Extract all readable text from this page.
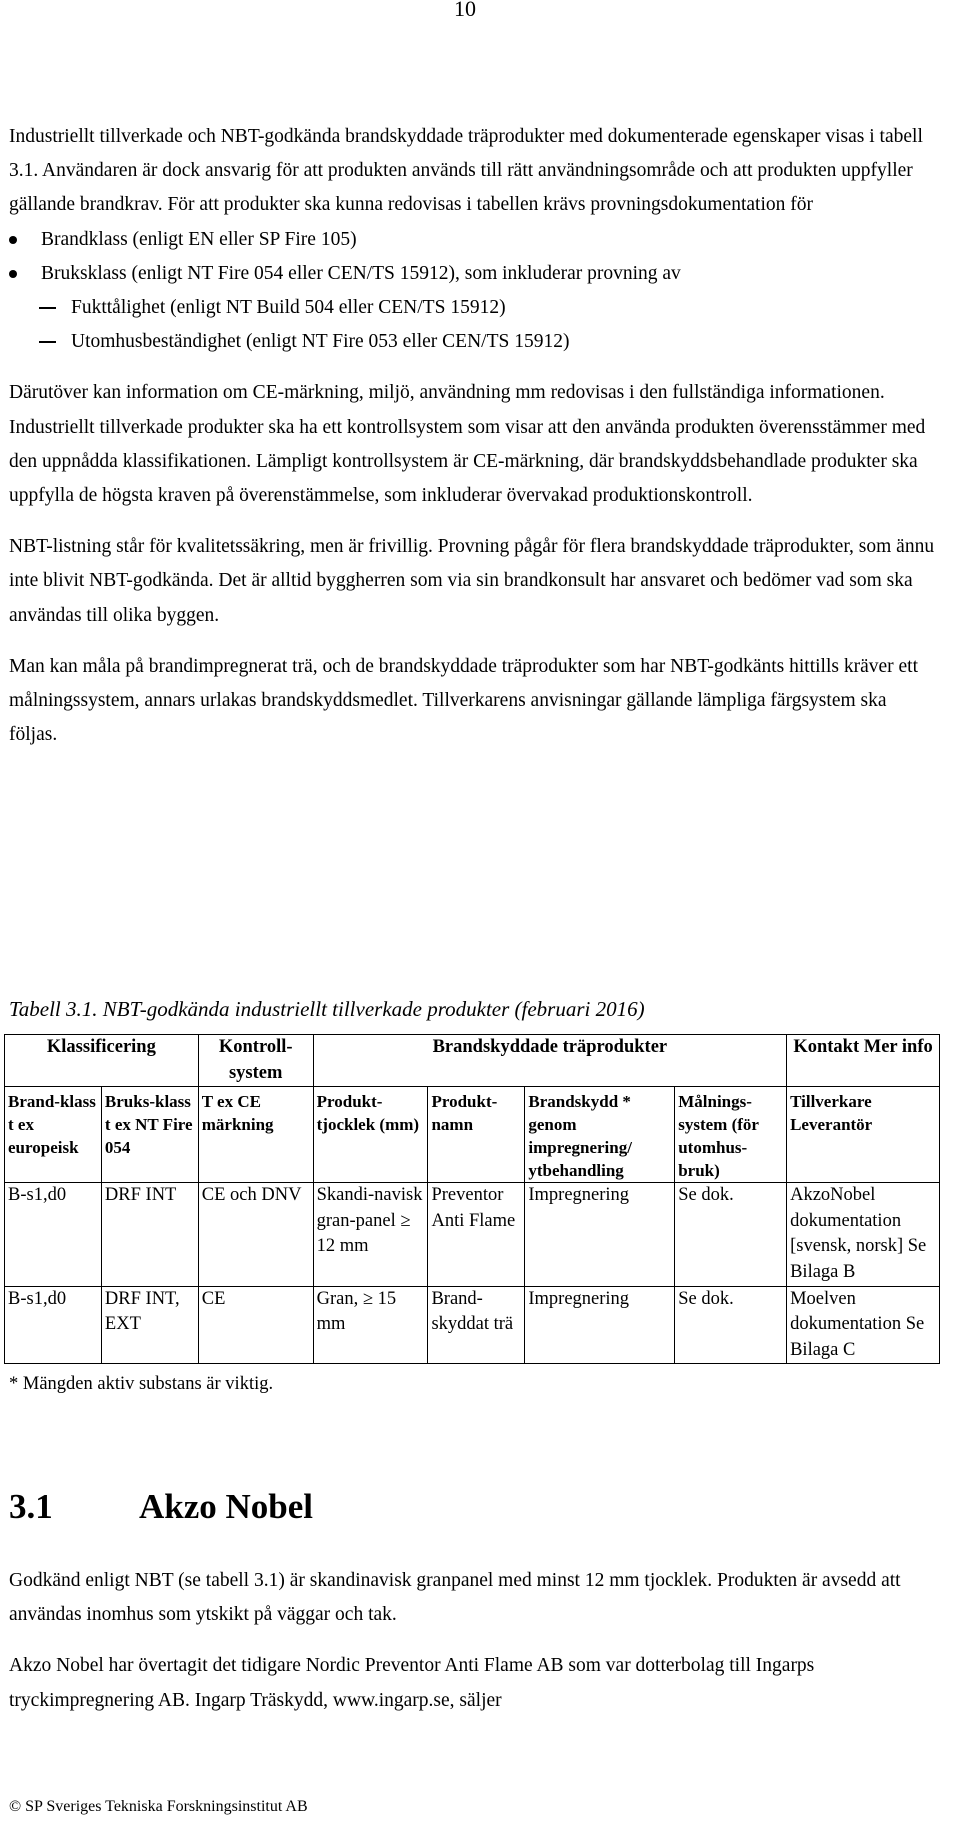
10

Industriellt tillverkade och NBT-godkända brandskyddade träprodukter med dokumenterade egenskaper visas i tabell 3.1. Användaren är dock ansvarig för att produkten används till rätt användningsområde och att produkten uppfyller gällande brandkrav. För att produkter ska kunna redovisas i tabellen krävs provningsdokumentation för

Brandklass (enligt EN eller SP Fire 105)
Bruksklass (enligt NT Fire 054 eller CEN/TS 15912), som inkluderar provning av
Fukttålighet (enligt NT Build 504 eller CEN/TS 15912)
Utomhusbeständighet (enligt NT Fire 053 eller CEN/TS 15912)

Därutöver kan information om CE-märkning, miljö, användning mm redovisas i den fullständiga informationen. Industriellt tillverkade produkter ska ha ett kontrollsystem som visar att den använda produkten överensstämmer med den uppnådda klassifikationen. Lämpligt kontrollsystem är CE-märkning, där brandskyddsbehandlade produkter ska uppfylla de högsta kraven på överenstämmelse, som inkluderar övervakad produktionskontroll.

NBT-listning står för kvalitetssäkring, men är frivillig. Provning pågår för flera brandskyddade träprodukter, som ännu inte blivit NBT-godkända. Det är alltid byggherren som via sin brandkonsult har ansvaret och bedömer vad som ska användas till olika byggen.

Man kan måla på brandimpregnerat trä, och de brandskyddade träprodukter som har NBT-godkänts hittills kräver ett målningssystem, annars urlakas brandskyddsmedlet. Tillverkarens anvisningar gällande lämpliga färgsystem ska följas.

Tabell 3.1. NBT-godkända industriellt tillverkade produkter (februari 2016)
Klassificering		Kontroll-system	Brandskyddade träprodukter				Kontakt Mer info
Brand-klass t ex europeisk	Bruks-klass t ex NT Fire 054	T ex CE märkning	Produkt-tjocklek (mm)	Produkt-namn	Brandskydd * genom impregnering/ ytbehandling	Målnings-system (för utomhus-bruk)	Tillverkare Leverantör
B-s1,d0	DRF INT	CE och DNV	Skandi-navisk gran-panel ≥ 12 mm	Preventor Anti Flame	Impregnering	Se dok.	AkzoNobel dokumentation [svensk, norsk] Se Bilaga B
B-s1,d0	DRF INT, EXT	CE	Gran, ≥ 15 mm	Brand-skyddat trä	Impregnering	Se dok.	Moelven dokumentation Se Bilaga C
* Mängden aktiv substans är viktig.
3.1 Akzo Nobel

Godkänd enligt NBT (se tabell 3.1) är skandinavisk granpanel med minst 12 mm tjocklek. Produkten är avsedd att användas inomhus som ytskikt på väggar och tak.

Akzo Nobel har övertagit det tidigare Nordic Preventor Anti Flame AB som var dotterbolag till Ingarps tryckimpregnering AB. Ingarp Träskydd, www.ingarp.se, säljer

© SP Sveriges Tekniska Forskningsinstitut AB
